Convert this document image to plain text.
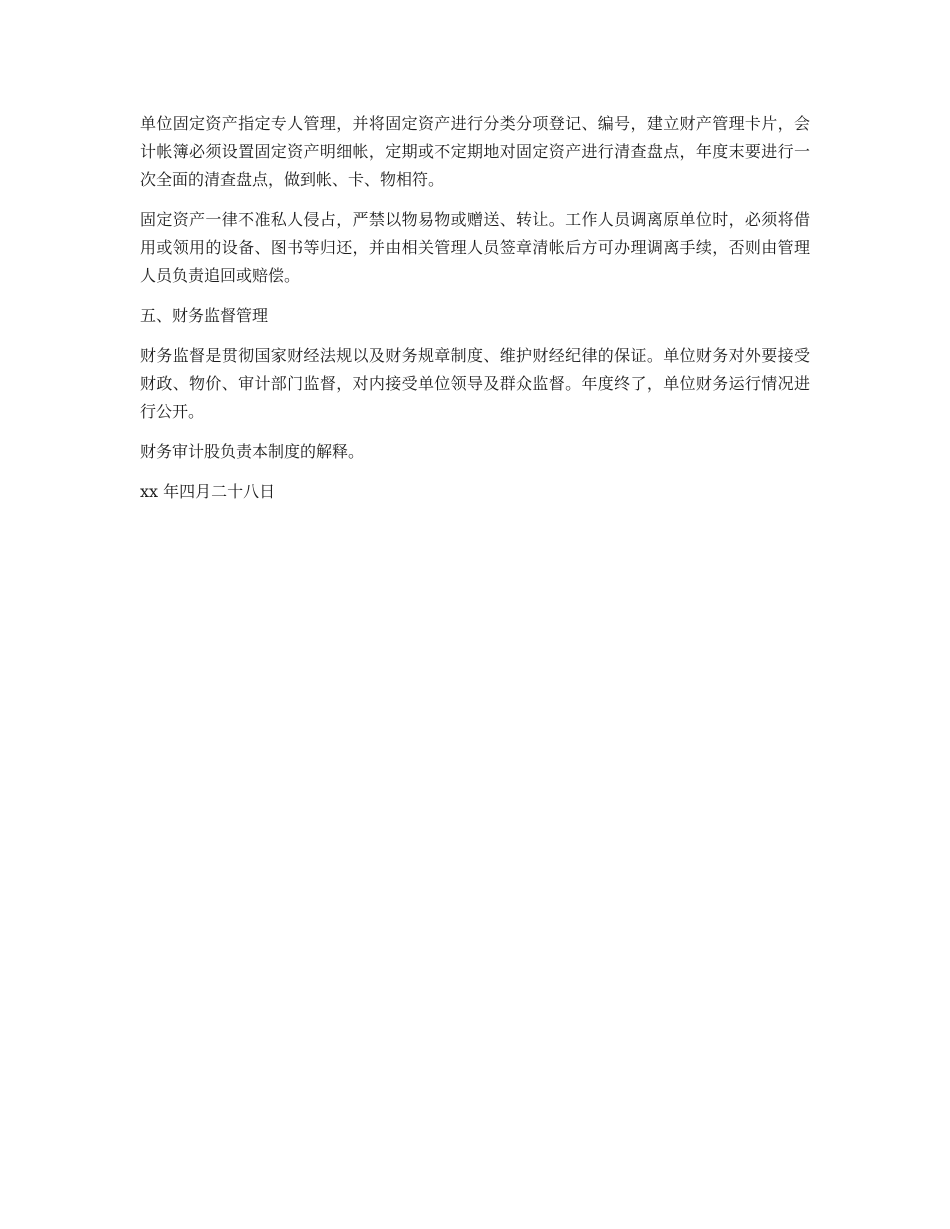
单位固定资产指定专人管理，并将固定资产进行分类分项登记、编号，建立财产管理卡片，会计帐簿必须设置固定资产明细帐，定期或不定期地对固定资产进行清查盘点，年度末要进行一次全面的清查盘点，做到帐、卡、物相符。

固定资产一律不准私人侵占，严禁以物易物或赠送、转让。工作人员调离原单位时，必须将借用或领用的设备、图书等归还，并由相关管理人员签章清帐后方可办理调离手续，否则由管理人员负责追回或赔偿。

五、财务监督管理

财务监督是贯彻国家财经法规以及财务规章制度、维护财经纪律的保证。单位财务对外要接受财政、物价、审计部门监督，对内接受单位领导及群众监督。年度终了，单位财务运行情况进行公开。

财务审计股负责本制度的解释。

xx 年四月二十八日
